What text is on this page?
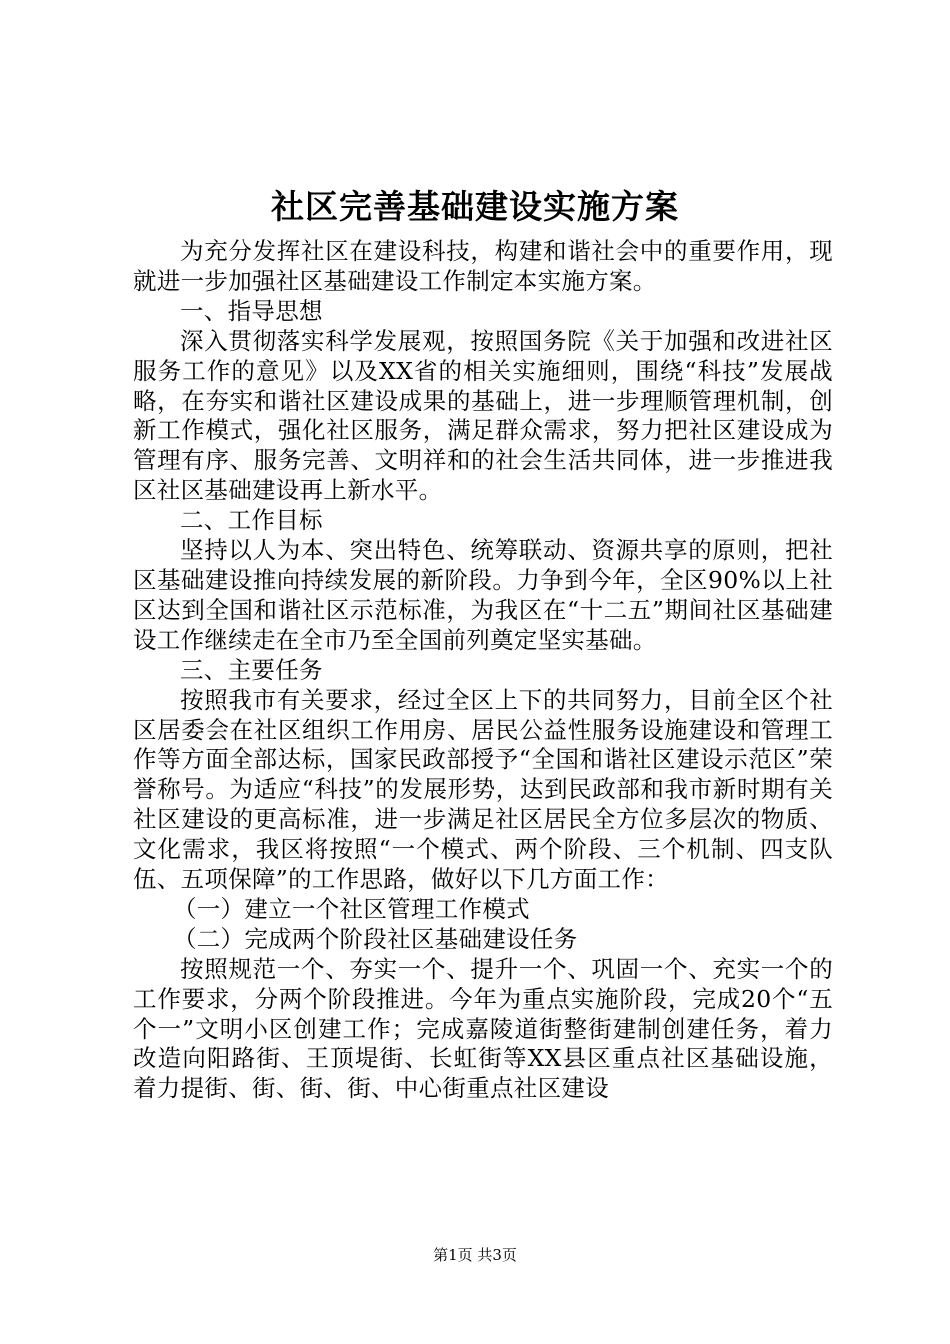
社区完善基础建设实施方案

为充分发挥社区在建设科技，构建和谐社会中的重要作用，现就进一步加强社区基础建设工作制定本实施方案。

一、指导思想

深入贯彻落实科学发展观，按照国务院《关于加强和改进社区服务工作的意见》以及XX省的相关实施细则，围绕“科技”发展战略，在夯实和谐社区建设成果的基础上，进一步理顺管理机制，创新工作模式，强化社区服务，满足群众需求，努力把社区建设成为管理有序、服务完善、文明祥和的社会生活共同体，进一步推进我区社区基础建设再上新水平。

二、工作目标

坚持以人为本、突出特色、统筹联动、资源共享的原则，把社区基础建设推向持续发展的新阶段。力争到今年，全区90%以上社区达到全国和谐社区示范标准，为我区在“十二五”期间社区基础建设工作继续走在全市乃至全国前列奠定坚实基础。

三、主要任务

按照我市有关要求，经过全区上下的共同努力，目前全区个社区居委会在社区组织工作用房、居民公益性服务设施建设和管理工作等方面全部达标，国家民政部授予“全国和谐社区建设示范区”荣誉称号。为适应“科技”的发展形势，达到民政部和我市新时期有关社区建设的更高标准，进一步满足社区居民全方位多层次的物质、文化需求，我区将按照“一个模式、两个阶段、三个机制、四支队伍、五项保障”的工作思路，做好以下几方面工作：

（一）建立一个社区管理工作模式

（二）完成两个阶段社区基础建设任务

按照规范一个、夯实一个、提升一个、巩固一个、充实一个的工作要求，分两个阶段推进。今年为重点实施阶段，完成20个“五个一”文明小区创建工作；完成嘉陵道街整街建制创建任务，着力改造向阳路街、王顶堤街、长虹街等XX县区重点社区基础设施，着力提街、街、街、街、中心街重点社区建设

第1页 共3页
